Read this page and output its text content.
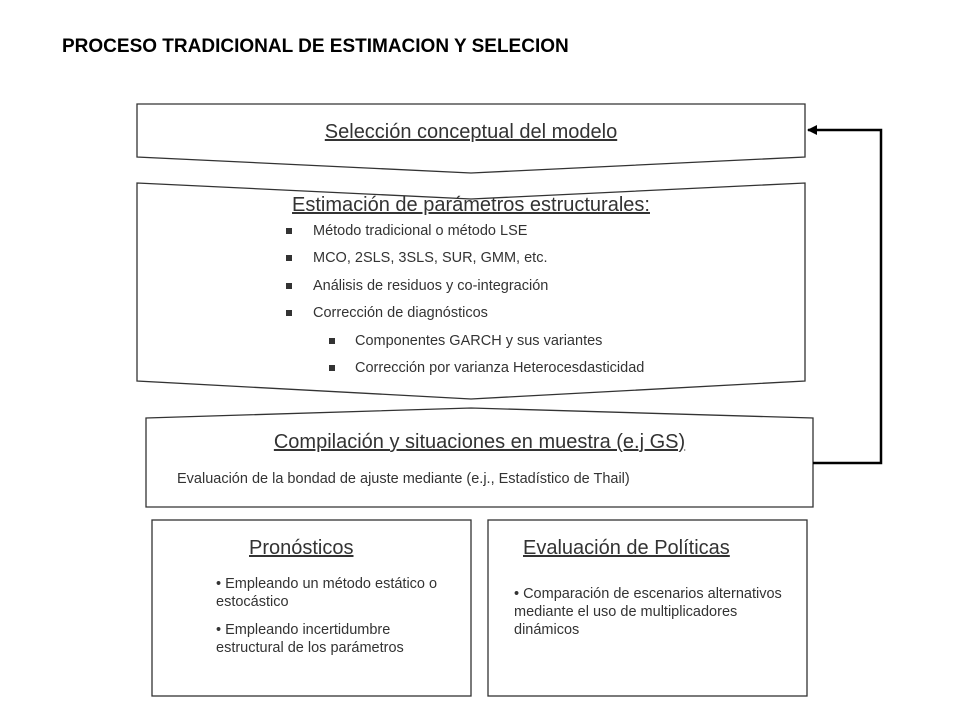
PROCESO TRADICIONAL DE ESTIMACION Y SELECION
Selección conceptual del modelo
Estimación de parámetros estructurales:
Método tradicional o método LSE
MCO, 2SLS, 3SLS, SUR, GMM, etc.
Análisis de residuos y co-integración
Corrección de diagnósticos
Componentes GARCH y sus variantes
Corrección por varianza Heterocesdasticidad
Compilación y situaciones en muestra (e.j GS)
Evaluación de la bondad de ajuste mediante (e.j., Estadístico de Thail)
Pronósticos
• Empleando un método estático o estocástico
• Empleando incertidumbre estructural de los parámetros
Evaluación de Políticas
• Comparación de escenarios alternativos mediante el uso de multiplicadores dinámicos
